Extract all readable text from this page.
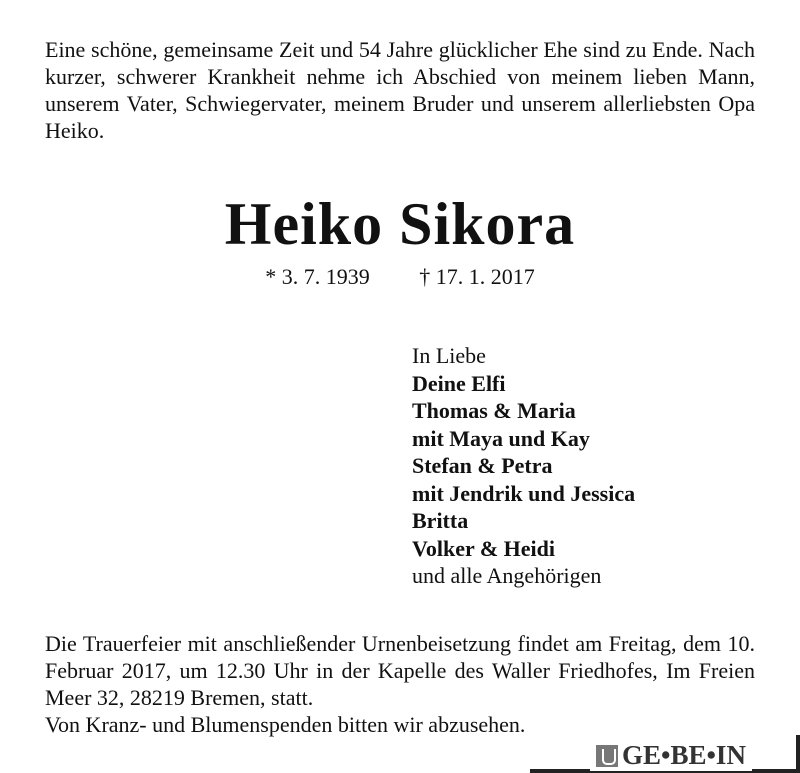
Eine schöne, gemeinsame Zeit und 54 Jahre glücklicher Ehe sind zu Ende. Nach kurzer, schwerer Krankheit nehme ich Abschied von meinem lieben Mann, unserem Vater, Schwiegervater, meinem Bruder und unserem allerliebsten Opa Heiko.
Heiko Sikora
* 3. 7. 1939 † 17. 1. 2017
In Liebe
Deine Elfi
Thomas & Maria
mit Maya und Kay
Stefan & Petra
mit Jendrik und Jessica
Britta
Volker & Heidi
und alle Angehörigen
Die Trauerfeier mit anschließender Urnenbeisetzung findet am Freitag, dem 10. Februar 2017, um 12.30 Uhr in der Kapelle des Waller Friedhofes, Im Freien Meer 32, 28219 Bremen, statt.
Von Kranz- und Blumenspenden bitten wir abzusehen.
GE•BE•IN
